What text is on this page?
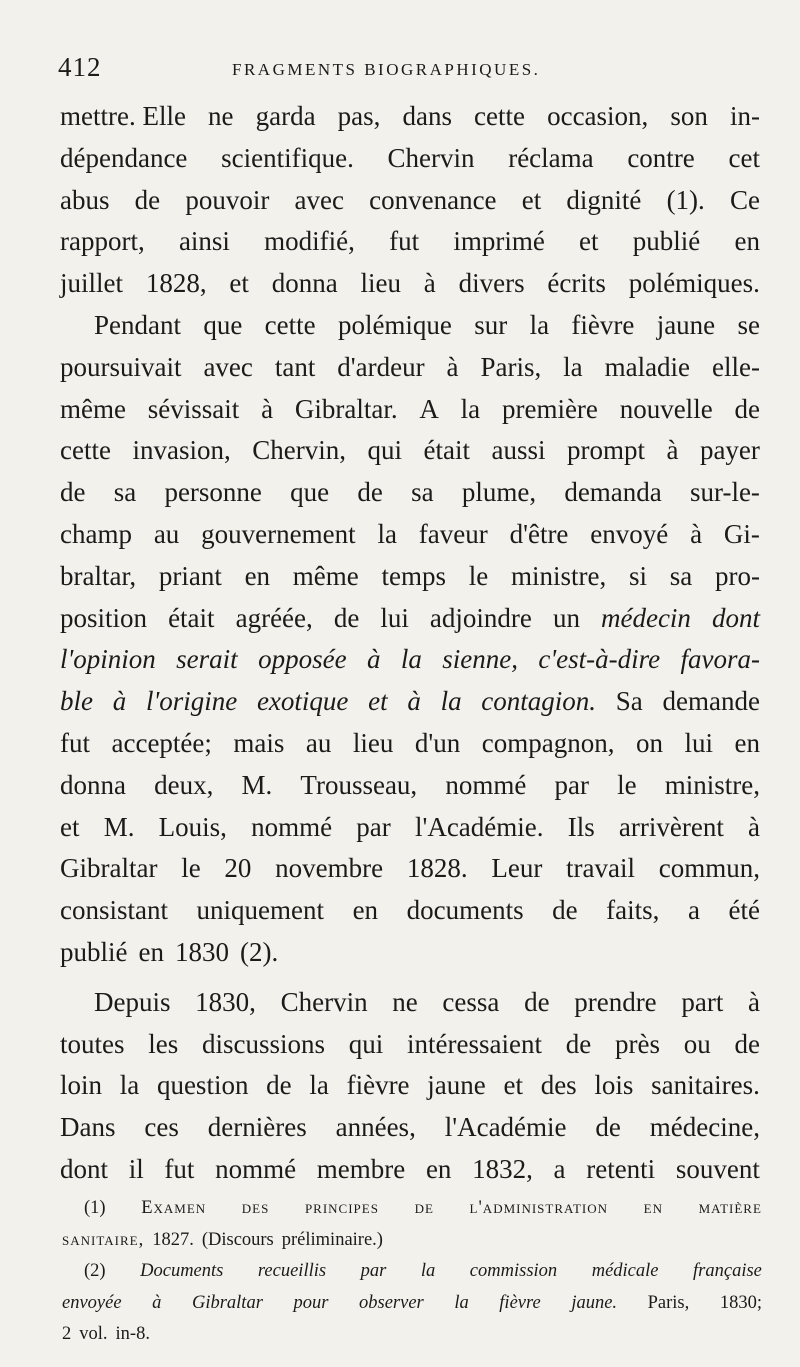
412	FRAGMENTS BIOGRAPHIQUES.
mettre. Elle ne garda pas, dans cette occasion, son in-
dépendance scientifique. Chervin réclama contre cet
abus de pouvoir avec convenance et dignité (1). Ce
rapport, ainsi modifié, fut imprimé et publié en
juillet 1828, et donna lieu à divers écrits polémiques.
Pendant que cette polémique sur la fièvre jaune se
poursuivait avec tant d'ardeur à Paris, la maladie elle-
même sévissait à Gibraltar. A la première nouvelle de
cette invasion, Chervin, qui était aussi prompt à payer
de sa personne que de sa plume, demanda sur-le-
champ au gouvernement la faveur d'être envoyé à Gi-
braltar, priant en même temps le ministre, si sa pro-
position était agréée, de lui adjoindre un médecin dont
l'opinion serait opposée à la sienne, c'est-à-dire favora-
ble à l'origine exotique et à la contagion. Sa demande
fut acceptée; mais au lieu d'un compagnon, on lui en
donna deux, M. Trousseau, nommé par le ministre,
et M. Louis, nommé par l'Académie. Ils arrivèrent à
Gibraltar le 20 novembre 1828. Leur travail commun,
consistant uniquement en documents de faits, a été
publié en 1830 (2).
Depuis 1830, Chervin ne cessa de prendre part à
toutes les discussions qui intéressaient de près ou de
loin la question de la fièvre jaune et des lois sanitaires.
Dans ces dernières années, l'Académie de médecine,
dont il fut nommé membre en 1832, a retenti souvent
(1) Examen des principes de l'administration en matière
sanitaire, 1827. (Discours préliminaire.)
(2) Documents recueillis par la commission médicale française
envoyée à Gibraltar pour observer la fièvre jaune. Paris, 1830;
2 vol. in-8.
